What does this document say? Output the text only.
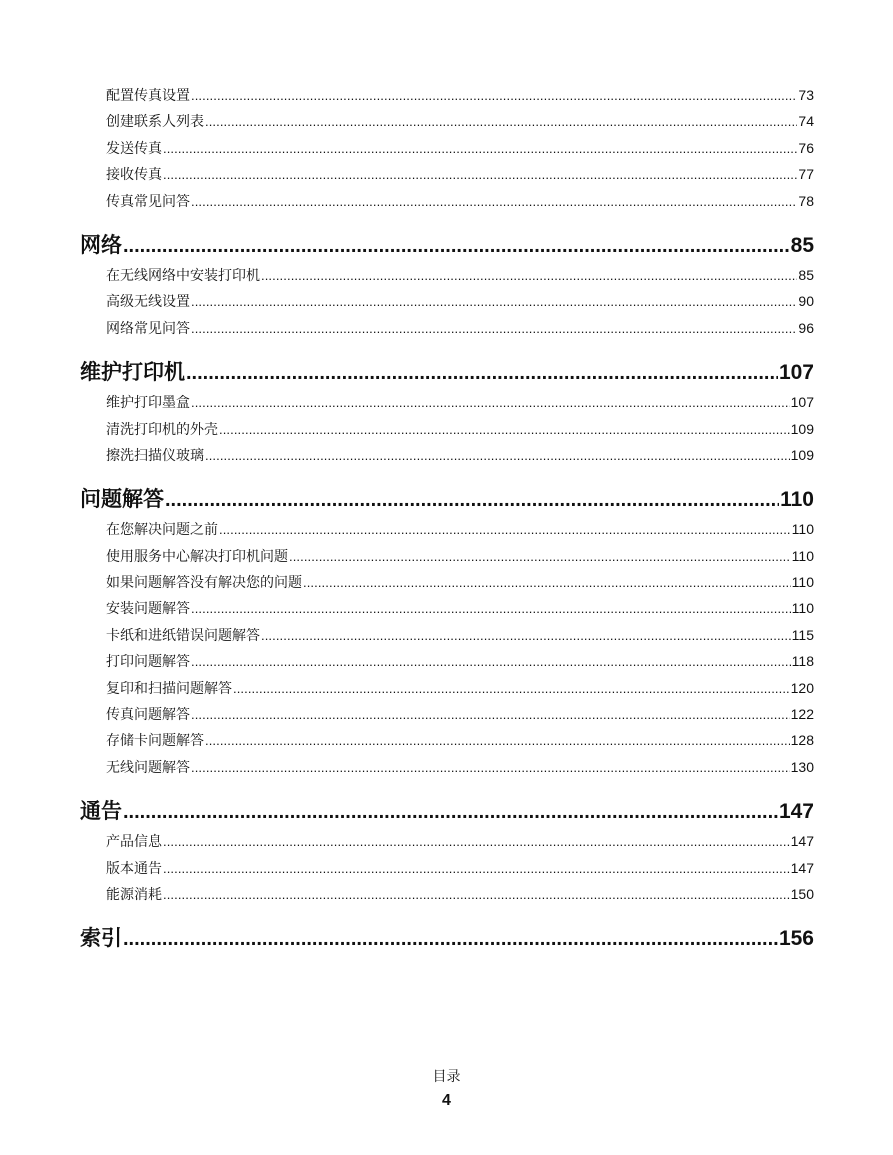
配置传真设置 .....	73
创建联系人列表 .....	74
发送传真 .....	76
接收传真 .....	77
传真常见问答 .....	78
网络 .....	85
在无线网络中安装打印机 .....	85
高级无线设置 .....	90
网络常见问答 .....	96
维护打印机 .....	107
维护打印墨盒 .....	107
清洗打印机的外壳 .....	109
擦洗扫描仪玻璃 .....	109
问题解答 .....	110
在您解决问题之前 .....	110
使用服务中心解决打印机问题 .....	110
如果问题解答没有解决您的问题 .....	110
安装问题解答 .....	110
卡纸和进纸错误问题解答 .....	115
打印问题解答 .....	118
复印和扫描问题解答 .....	120
传真问题解答 .....	122
存储卡问题解答 .....	128
无线问题解答 .....	130
通告 .....	147
产品信息 .....	147
版本通告 .....	147
能源消耗 .....	150
索引 .....	156
目录
4
